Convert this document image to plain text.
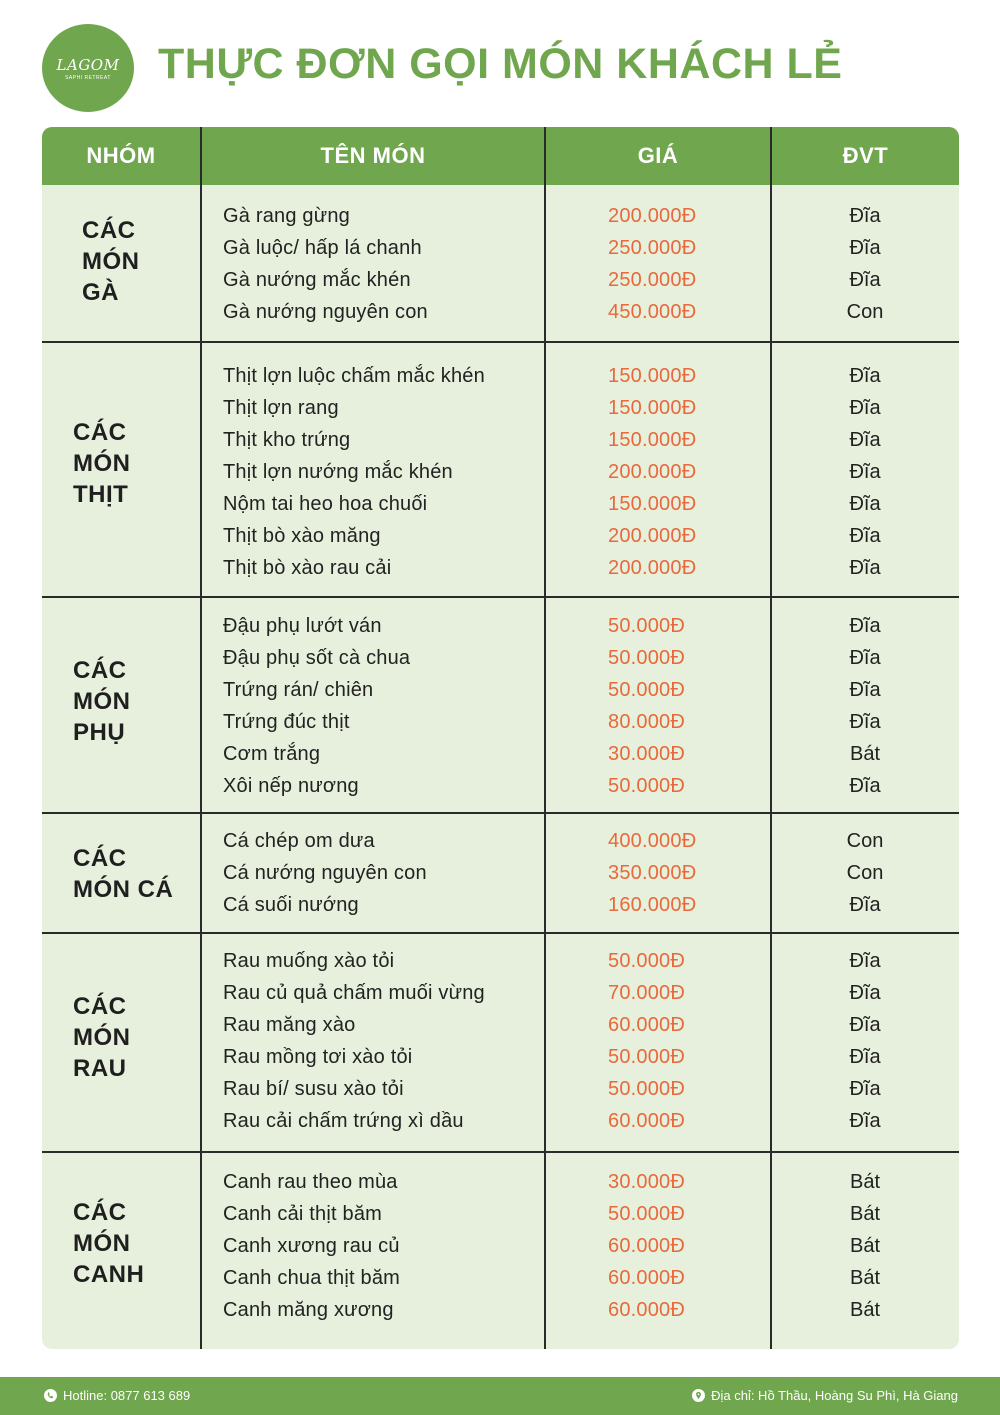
LAGOM
SAPHI RETREAT THỰC ĐƠN GỌI MÓN KHÁCH LẺ
NHÓM	TÊN MÓN	GIÁ	ĐVT
CÁC
MÓN
GÀ
Gà rang gừng	200.000Đ	Đĩa
Gà luộc/ hấp lá chanh	250.000Đ	Đĩa
Gà nướng mắc khén	250.000Đ	Đĩa
Gà nướng nguyên con	450.000Đ	Con
CÁC
MÓN
THỊT
Thịt lợn luộc chấm mắc khén	150.000Đ	Đĩa
Thịt lợn rang	150.000Đ	Đĩa
Thịt kho trứng	150.000Đ	Đĩa
Thịt lợn nướng mắc khén	200.000Đ	Đĩa
Nộm tai heo hoa chuối	150.000Đ	Đĩa
Thịt bò xào măng	200.000Đ	Đĩa
Thịt bò xào rau cải	200.000Đ	Đĩa
CÁC
MÓN
PHỤ
Đậu phụ lướt ván	50.000Đ	Đĩa
Đậu phụ sốt cà chua	50.000Đ	Đĩa
Trứng rán/ chiên	50.000Đ	Đĩa
Trứng đúc thịt	80.000Đ	Đĩa
Cơm trắng	30.000Đ	Bát
Xôi nếp nương	50.000Đ	Đĩa
CÁC
MÓN CÁ
Cá chép om dưa	400.000Đ	Con
Cá nướng nguyên con	350.000Đ	Con
Cá suối nướng	160.000Đ	Đĩa
CÁC
MÓN
RAU
Rau muống xào tỏi	50.000Đ	Đĩa
Rau củ quả chấm muối vừng	70.000Đ	Đĩa
Rau măng xào	60.000Đ	Đĩa
Rau mồng tơi xào tỏi	50.000Đ	Đĩa
Rau bí/ susu xào tỏi	50.000Đ	Đĩa
Rau cải chấm trứng xì dầu	60.000Đ	Đĩa
CÁC
MÓN
CANH
Canh rau theo mùa	30.000Đ	Bát
Canh cải thịt băm	50.000Đ	Bát
Canh xương rau củ	60.000Đ	Bát
Canh chua thịt băm	60.000Đ	Bát
Canh măng xương	60.000Đ	Bát
Hotline: 0877 613 689	Địa chỉ: Hồ Thầu, Hoàng Su Phì, Hà Giang
